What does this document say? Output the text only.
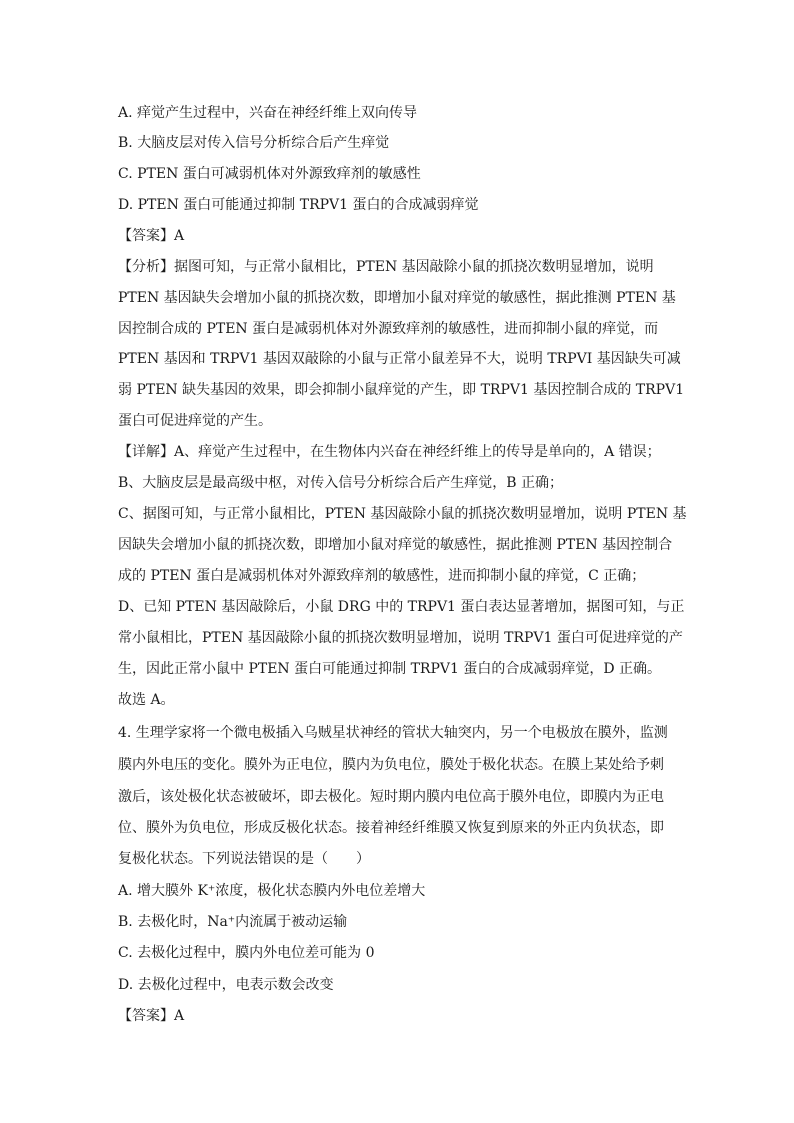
A. 痒觉产生过程中，兴奋在神经纤维上双向传导
B. 大脑皮层对传入信号分析综合后产生痒觉
C. PTEN 蛋白可减弱机体对外源致痒剂的敏感性
D. PTEN 蛋白可能通过抑制 TRPV1 蛋白的合成减弱痒觉
【答案】A
【分析】据图可知，与正常小鼠相比，PTEN 基因敲除小鼠的抓挠次数明显增加，说明
PTEN 基因缺失会增加小鼠的抓挠次数，即增加小鼠对痒觉的敏感性，据此推测 PTEN 基
因控制合成的 PTEN 蛋白是减弱机体对外源致痒剂的敏感性，进而抑制小鼠的痒觉，而
PTEN 基因和 TRPV1 基因双敲除的小鼠与正常小鼠差异不大，说明 TRPVI 基因缺失可减
弱 PTEN 缺失基因的效果，即会抑制小鼠痒觉的产生，即 TRPV1 基因控制合成的 TRPV1
蛋白可促进痒觉的产生。
【详解】A、痒觉产生过程中，在生物体内兴奋在神经纤维上的传导是单向的，A 错误；
B、大脑皮层是最高级中枢，对传入信号分析综合后产生痒觉，B 正确；
C、据图可知，与正常小鼠相比，PTEN 基因敲除小鼠的抓挠次数明显增加，说明 PTEN 基
因缺失会增加小鼠的抓挠次数，即增加小鼠对痒觉的敏感性，据此推测 PTEN 基因控制合
成的 PTEN 蛋白是减弱机体对外源致痒剂的敏感性，进而抑制小鼠的痒觉，C 正确；
D、已知 PTEN 基因敲除后，小鼠 DRG 中的 TRPV1 蛋白表达显著增加，据图可知，与正
常小鼠相比，PTEN 基因敲除小鼠的抓挠次数明显增加，说明 TRPV1 蛋白可促进痒觉的产
生，因此正常小鼠中 PTEN 蛋白可能通过抑制 TRPV1 蛋白的合成减弱痒觉，D 正确。
故选 A。
4. 生理学家将一个微电极插入乌贼星状神经的管状大轴突内，另一个电极放在膜外，监测
膜内外电压的变化。膜外为正电位，膜内为负电位，膜处于极化状态。在膜上某处给予刺
激后，该处极化状态被破坏，即去极化。短时期内膜内电位高于膜外电位，即膜内为正电
位、膜外为负电位，形成反极化状态。接着神经纤维膜又恢复到原来的外正内负状态，即
复极化状态。下列说法错误的是（　　）
A. 增大膜外 K⁺浓度，极化状态膜内外电位差增大
B. 去极化时，Na⁺内流属于被动运输
C. 去极化过程中，膜内外电位差可能为 0
D. 去极化过程中，电表示数会改变
【答案】A
